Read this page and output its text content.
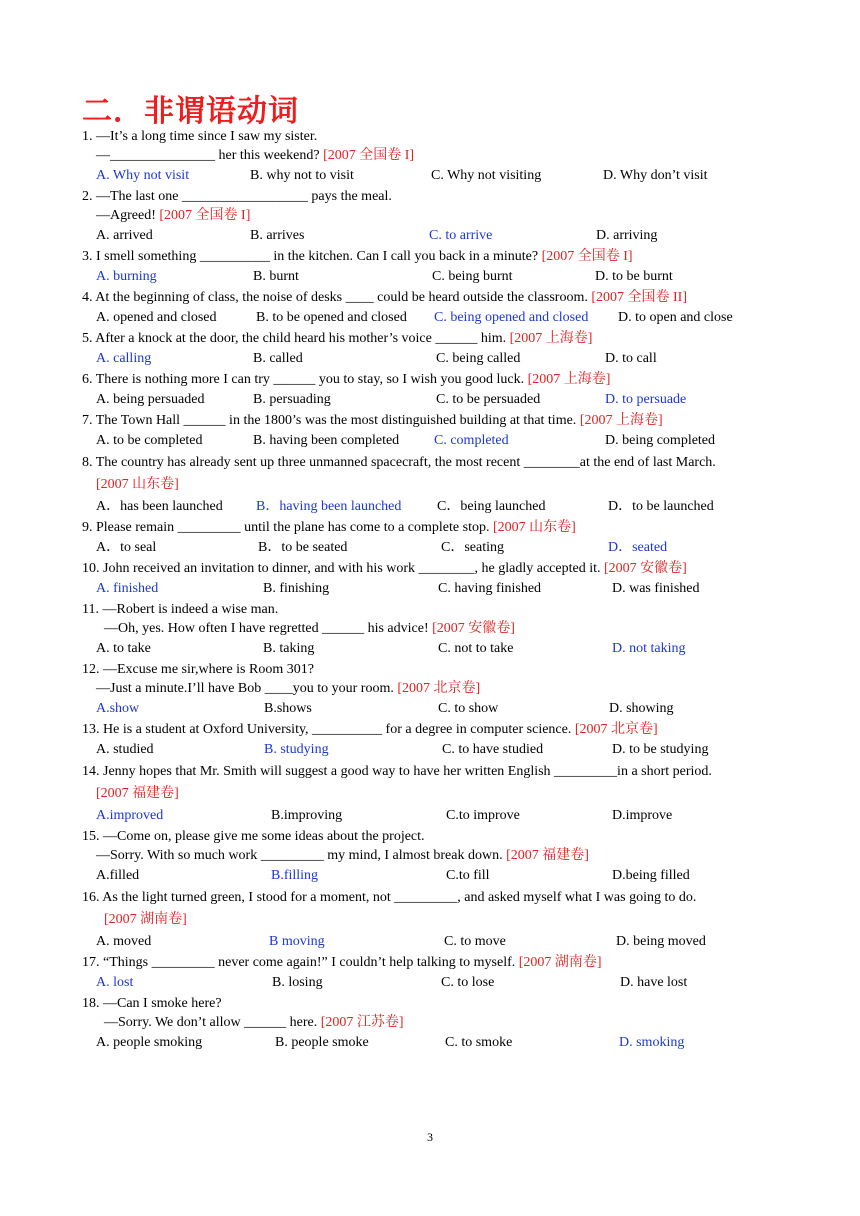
二．非谓语动词
1. —It’s a long time since I saw my sister.
—_______________ her this weekend? [2007 全国卷 I]
A. Why not visit	B. why not to visit	C. Why not visiting	D. Why don’t visit
2. —The last one __________________ pays the meal.
—Agreed! [2007 全国卷 I]
A. arrived	B. arrives	C. to arrive	D. arriving
3. I smell something __________ in the kitchen. Can I call you back in a minute? [2007 全国卷 I]
A. burning	B. burnt	C. being burnt	D. to be burnt
4. At the beginning of class, the noise of desks ____ could be heard outside the classroom. [2007 全国卷 II]
A. opened and closed	B. to be opened and closed C. being opened and closed D. to open and close
5. After a knock at the door, the child heard his mother’s voice ______ him. [2007 上海卷]
A. calling	B. called	C. being called	D. to call
6. There is nothing more I can try ______ you to stay, so I wish you good luck. [2007 上海卷]
A. being persuaded	B. persuading	C. to be persuaded	D. to persuade
7. The Town Hall ______ in the 1800’s was the most distinguished building at that time. [2007 上海卷]
A. to be completed	B. having been completed C. completed	D. being completed
8. The country has already sent up three unmanned spacecraft, the most recent ________at the end of last March.
[2007 山东卷]
A．has been launched B．having been launched	C．being launched	D．to be launched
9. Please remain _________ until the plane has come to a complete stop. [2007 山东卷]
A．to seal	B．to be seated	C．seating	D．seated
10. John received an invitation to dinner, and with his work ________, he gladly accepted it. [2007 安徽卷]
A. finished	B. finishing	C. having finished	D. was finished
11. —Robert is indeed a wise man.
—Oh, yes. How often I have regretted ______ his advice! [2007 安徽卷]
A. to take	B. taking	C. not to take	D. not taking
12. —Excuse me sir,where is Room 301?
—Just a minute.I’ll have Bob ____you to your room. [2007 北京卷]
A.show	B.shows	C. to show	D. showing
13. He is a student at Oxford University, __________ for a degree in computer science. [2007 北京卷]
A. studied	B. studying	C. to have studied	D. to be studying
14. Jenny hopes that Mr. Smith will suggest a good way to have her written English _________in a short period.
[2007 福建卷]
A.improved	B.improving	C.to improve	D.improve
15. —Come on, please give me some ideas about the project.
—Sorry. With so much work _________ my mind, I almost break down. [2007 福建卷]
A.filled	B.filling	C.to fill	D.being filled
16. As the light turned green, I stood for a moment, not _________, and asked myself what I was going to do.
[2007 湖南卷]
A. moved	B moving	C. to move	D. being moved
17. “Things _________ never come again!” I couldn’t help talking to myself. [2007 湖南卷]
A. lost	B. losing	C. to lose	D. have lost
18. —Can I smoke here?
—Sorry. We don’t allow ______ here. [2007 江苏卷]
A. people smoking	B. people smoke	C. to smoke	D. smoking
3
